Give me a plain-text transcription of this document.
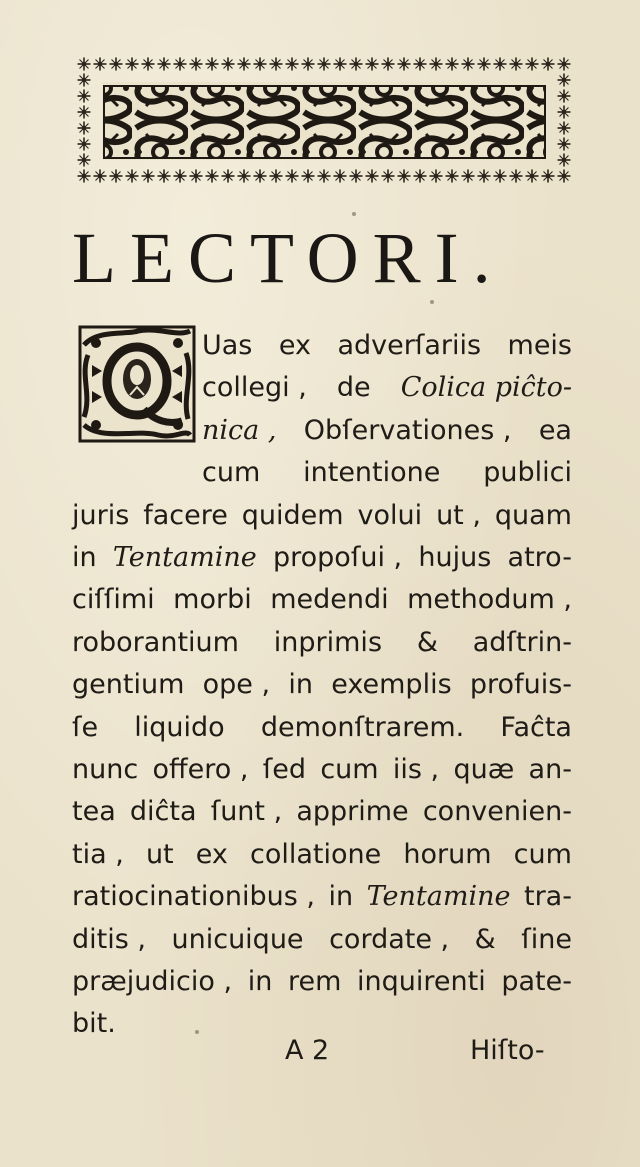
LECTORI.
Uas ex adverſariis meis
collegi , de Colica piĉto-
nica , Obſervationes , ea
cum intentione publici
juris facere quidem volui ut , quam
in Tentamine propoſui , hujus atro-
ciſſimi morbi medendi methodum ,
roborantium inprimis & adſtrin-
gentium ope , in exemplis profuis-
ſe liquido demonſtrarem. Faĉta
nunc offero , ſed cum iis , quæ an-
tea diĉta ſunt , apprime convenien-
tia , ut ex collatione horum cum
ratiocinationibus , in Tentamine tra-
ditis , unicuique cordate , & ſine
præjudicio , in rem inquirenti pate-
bit.
A 2	Hiſto-
